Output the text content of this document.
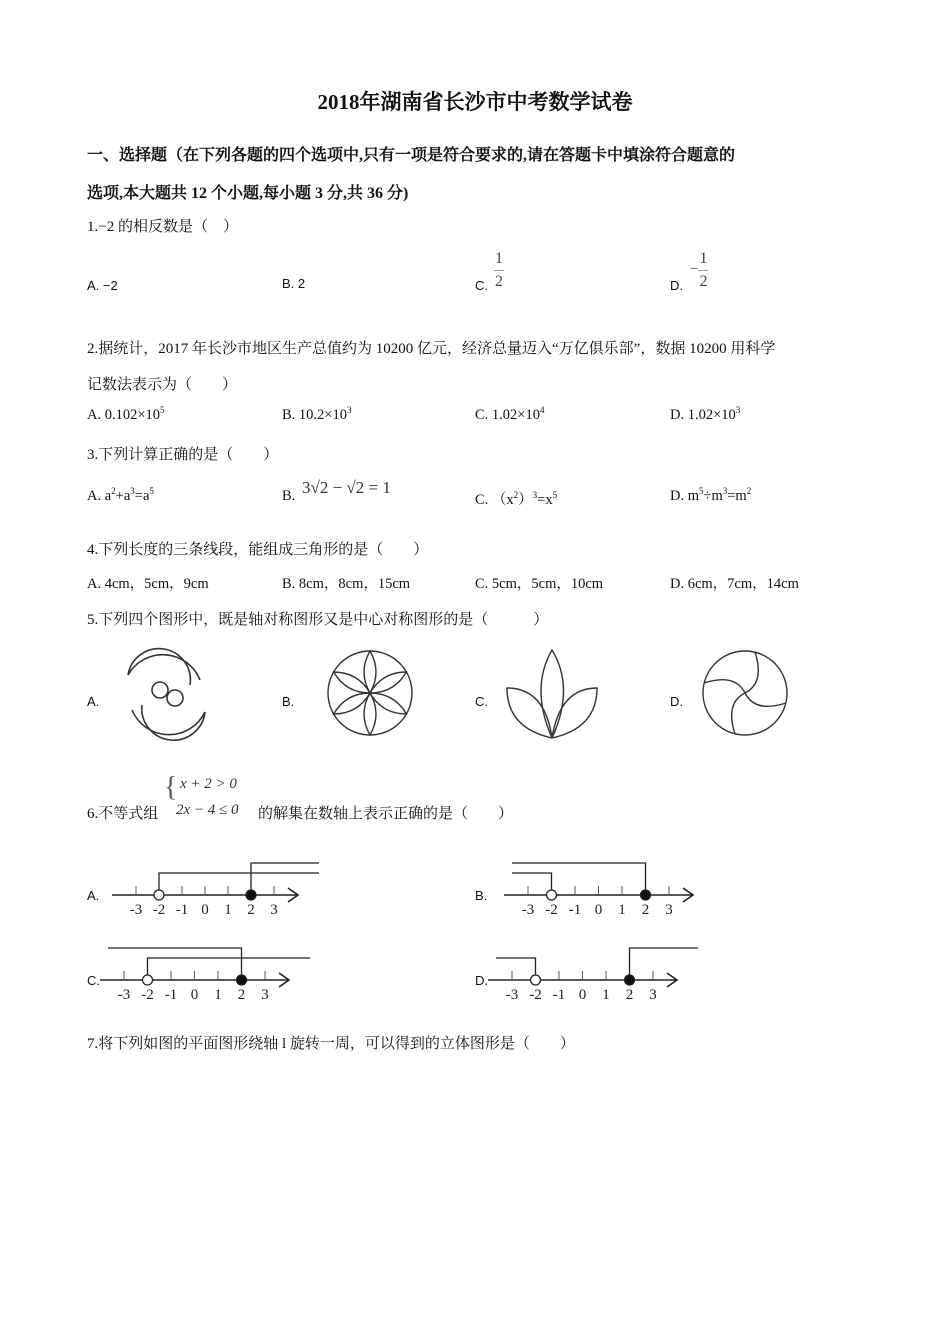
2018年湖南省长沙市中考数学试卷
一、选择题（在下列各题的四个选项中,只有一项是符合要求的,请在答题卡中填涂符合题意的
选项,本大题共 12 个小题,每小题 3 分,共 36 分)
1.−2 的相反数是（　）
A. −2	B. 2	C. $\frac{1}{2}$	D.
− $\frac{1}{2}$
2.据统计，2017 年长沙市地区生产总值约为 10200 亿元，经济总量迈入“万亿俱乐部”，数据 10200 用科学
记数法表示为（　　）
A. $0.102\times 10^5$	B. $10.2\times 10^3$	C. $1.02\times 10^4$	D. $1.02\times 10^3$
3.下列计算正确的是（　　）
A. $a^2+a^3=a^5$	B. 3√2 − √2 = 1
C. $(x^2)^3=x^5$	D. $m^5\div m^3=m^2$
4.下列长度的三条线段，能组成三角形的是（　　）
A. 4cm，5cm，9cm	B. 8cm，8cm，15cm	C. 5cm，5cm，10cm	D. 6cm，7cm，14cm
5.下列四个图形中，既是轴对称图形又是中心对称图形的是（　　　）
A.	B.	C.	D.
6.不等式组
{ x + 2 > 0
2x − 4 ≤ 0 的解集在数轴上表示正确的是（　　）
A.
-3 -2 -1 0 1 2 3
B.
-3 -2 -1 0 1 2 3
C.
-3 -2 -1 0 1 2 3
D.
-3 -2 -1 0 1 2 3
7.将下列如图的平面图形绕轴 l 旋转一周，可以得到的立体图形是（　　）
